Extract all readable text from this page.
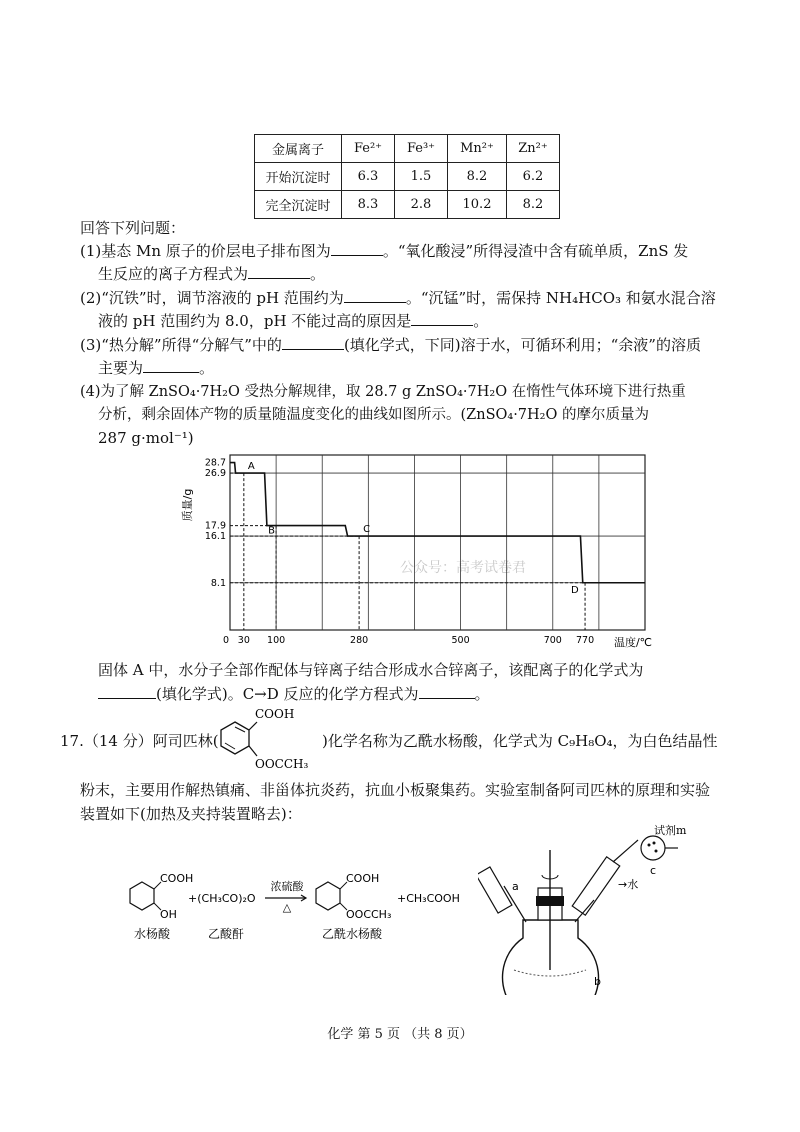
金属离子	Fe²⁺	Fe³⁺	Mn²⁺	Zn²⁺
开始沉淀时	6.3	1.5	8.2	6.2
完全沉淀时	8.3	2.8	10.2	8.2
回答下列问题：
(1)基态 Mn 原子的价层电子排布图为	。“氧化酸浸”所得浸渣中含有硫单质，ZnS 发
生反应的离子方程式为	。
(2)“沉铁”时，调节溶液的 pH 范围约为	。“沉锰”时，需保持 NH₄HCO₃ 和氨水混合溶
液的 pH 范围约为 8.0，pH 不能过高的原因是	。
(3)“热分解”所得“分解气”中的	(填化学式，下同)溶于水，可循环利用；“余液”的溶质
主要为	。
(4)为了解 ZnSO₄·7H₂O 受热分解规律，取 28.7 g ZnSO₄·7H₂O 在惰性气体环境下进行热重
分析，剩余固体产物的质量随温度变化的曲线如图所示。(ZnSO₄·7H₂O 的摩尔质量为
287 g·mol⁻¹)
公众号：高考试卷君
质量/g
温度/℃
A
B	C
D
28.7
26.9
17.9
16.1
8.1
0 30 100	280	500	700 770
固体 A 中，水分子全部作配体与锌离子结合形成水合锌离子，该配离子的化学式为
(填化学式)。C→D 反应的化学方程式为	。
17.（14 分）阿司匹林(
COOH
OOCCH₃
)化学名称为乙酰水杨酸，化学式为 C₉H₈O₄，为白色结晶性
粉末，主要用作解热镇痛、非甾体抗炎药，抗血小板聚集药。实验室制备阿司匹林的原理和实验
装置如下(加热及夹持装置略去)：
COOH
OH
+(CH₃CO)₂O
浓硫酸
△
COOH
OOCCH₃
+CH₃COOH
水杨酸	乙酸酐	乙酰水杨酸
a	→水
试剂m
c
b
化学 第 5 页 （共 8 页）
